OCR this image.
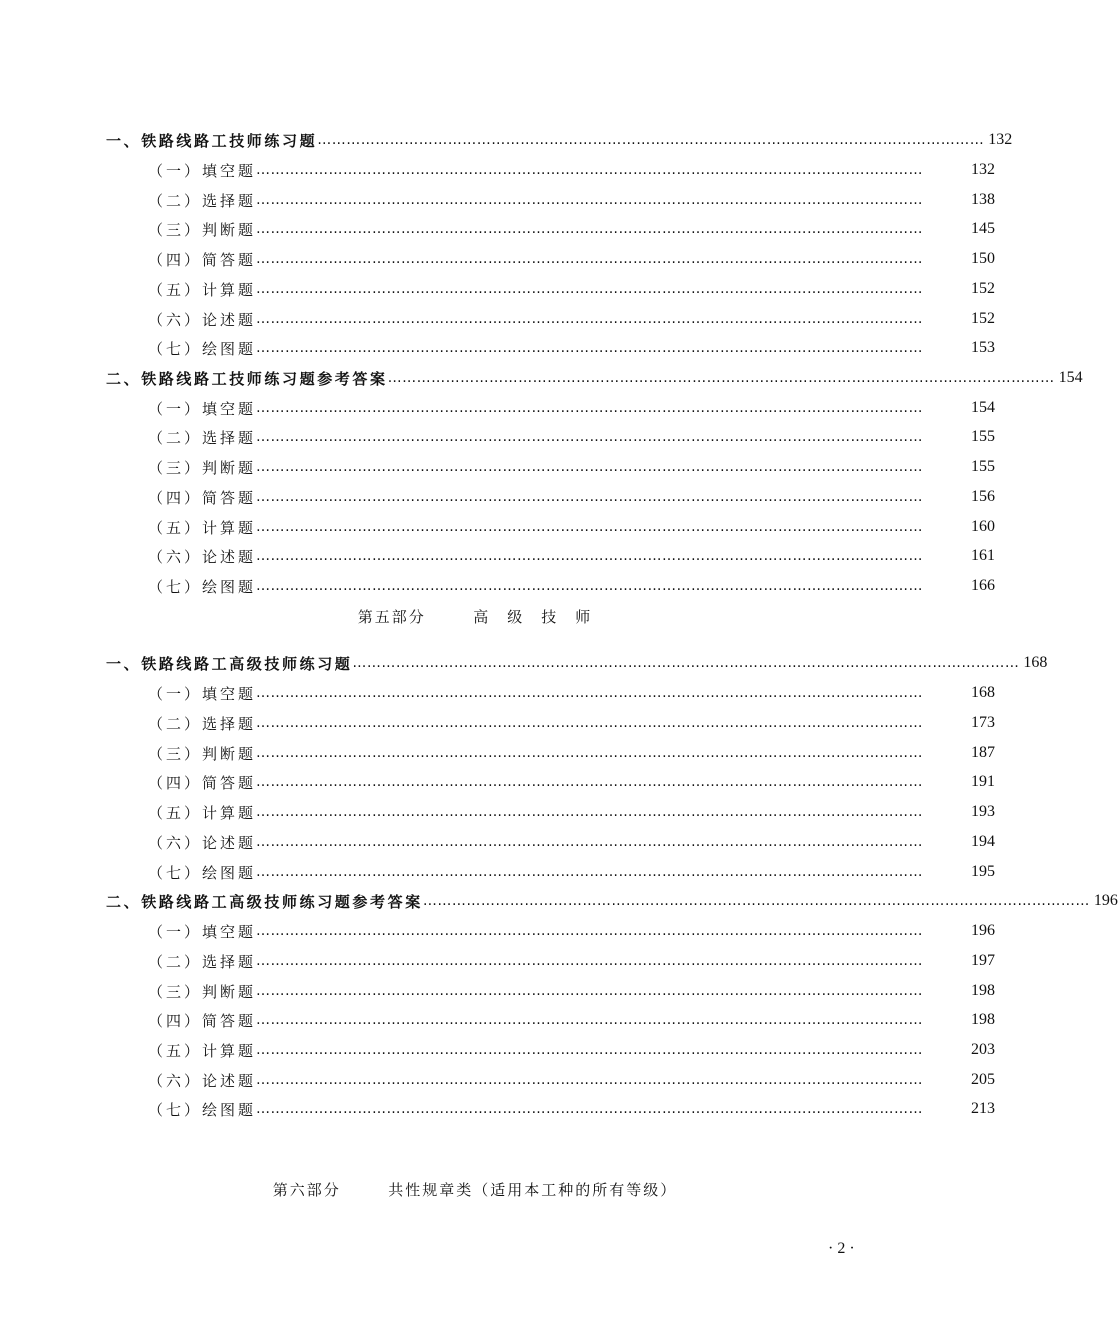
一、铁路线路工技师练习题 ………………………………………………………………………………………………………………………… 132
（一）填空题 …………………………………………………………………………………………………………………………	132
（二）选择题 …………………………………………………………………………………………………………………………	138
（三）判断题 …………………………………………………………………………………………………………………………	145
（四）简答题 …………………………………………………………………………………………………………………………	150
（五）计算题 …………………………………………………………………………………………………………………………	152
（六）论述题 …………………………………………………………………………………………………………………………	152
（七）绘图题 …………………………………………………………………………………………………………………………	153
二、铁路线路工技师练习题参考答案 ………………………………………………………………………………………………………………………… 154
（一）填空题 …………………………………………………………………………………………………………………………	154
（二）选择题 …………………………………………………………………………………………………………………………	155
（三）判断题 …………………………………………………………………………………………………………………………	155
（四）简答题 …………………………………………………………………………………………………………………………	156
（五）计算题 …………………………………………………………………………………………………………………………	160
（六）论述题 …………………………………………………………………………………………………………………………	161
（七）绘图题 …………………………………………………………………………………………………………………………	166
第五部分	高　级　技　师
一、铁路线路工高级技师练习题 ………………………………………………………………………………………………………………………… 168
（一）填空题 …………………………………………………………………………………………………………………………	168
（二）选择题 …………………………………………………………………………………………………………………………	173
（三）判断题 …………………………………………………………………………………………………………………………	187
（四）简答题 …………………………………………………………………………………………………………………………	191
（五）计算题 …………………………………………………………………………………………………………………………	193
（六）论述题 …………………………………………………………………………………………………………………………	194
（七）绘图题 …………………………………………………………………………………………………………………………	195
二、铁路线路工高级技师练习题参考答案 ………………………………………………………………………………………………………………………… 196
（一）填空题 …………………………………………………………………………………………………………………………	196
（二）选择题 …………………………………………………………………………………………………………………………	197
（三）判断题 …………………………………………………………………………………………………………………………	198
（四）简答题 …………………………………………………………………………………………………………………………	198
（五）计算题 …………………………………………………………………………………………………………………………	203
（六）论述题 …………………………………………………………………………………………………………………………	205
（七）绘图题 …………………………………………………………………………………………………………………………	213
第六部分	共性规章类（适用本工种的所有等级）
· 2 ·
